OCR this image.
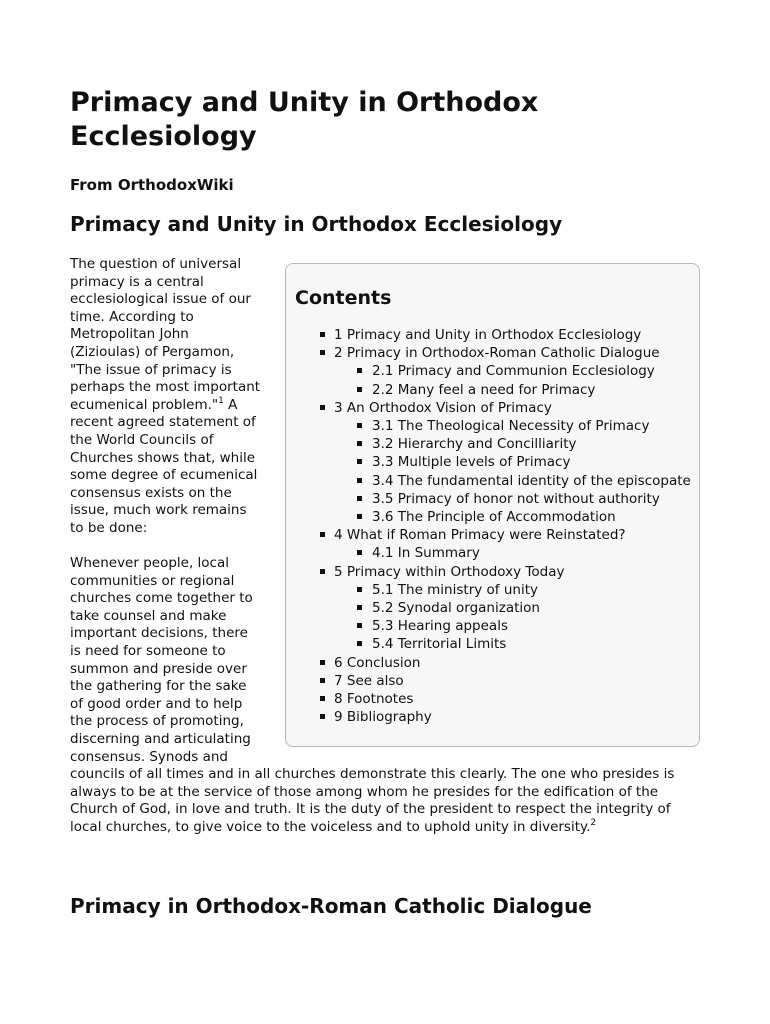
Primacy and Unity in Orthodox Ecclesiology
From OrthodoxWiki
Primacy and Unity in Orthodox Ecclesiology
Contents
1 Primacy and Unity in Orthodox Ecclesiology
2 Primacy in Orthodox-Roman Catholic Dialogue
2.1 Primacy and Communion Ecclesiology
2.2 Many feel a need for Primacy
3 An Orthodox Vision of Primacy
3.1 The Theological Necessity of Primacy
3.2 Hierarchy and Concilliarity
3.3 Multiple levels of Primacy
3.4 The fundamental identity of the episcopate
3.5 Primacy of honor not without authority
3.6 The Principle of Accommodation
4 What if Roman Primacy were Reinstated?
4.1 In Summary
5 Primacy within Orthodoxy Today
5.1 The ministry of unity
5.2 Synodal organization
5.3 Hearing appeals
5.4 Territorial Limits
6 Conclusion
7 See also
8 Footnotes
9 Bibliography

The question of universal primacy is a central ecclesiological issue of our time. According to Metropolitan John (Zizioulas) of Pergamon, "The issue of primacy is perhaps the most important ecumenical problem."$^1$ A recent agreed statement of the World Councils of Churches shows that, while some degree of ecumenical consensus exists on the issue, much work remains to be done:

Whenever people, local communities or regional churches come together to take counsel and make important decisions, there is need for someone to summon and preside over the gathering for the sake of good order and to help the process of promoting, discerning and articulating consensus. Synods and councils of all times and in all churches demonstrate this clearly. The one who presides is always to be at the service of those among whom he presides for the edification of the Church of God, in love and truth. It is the duty of the president to respect the integrity of local churches, to give voice to the voiceless and to uphold unity in diversity.$^2$

Primacy in Orthodox-Roman Catholic Dialogue
